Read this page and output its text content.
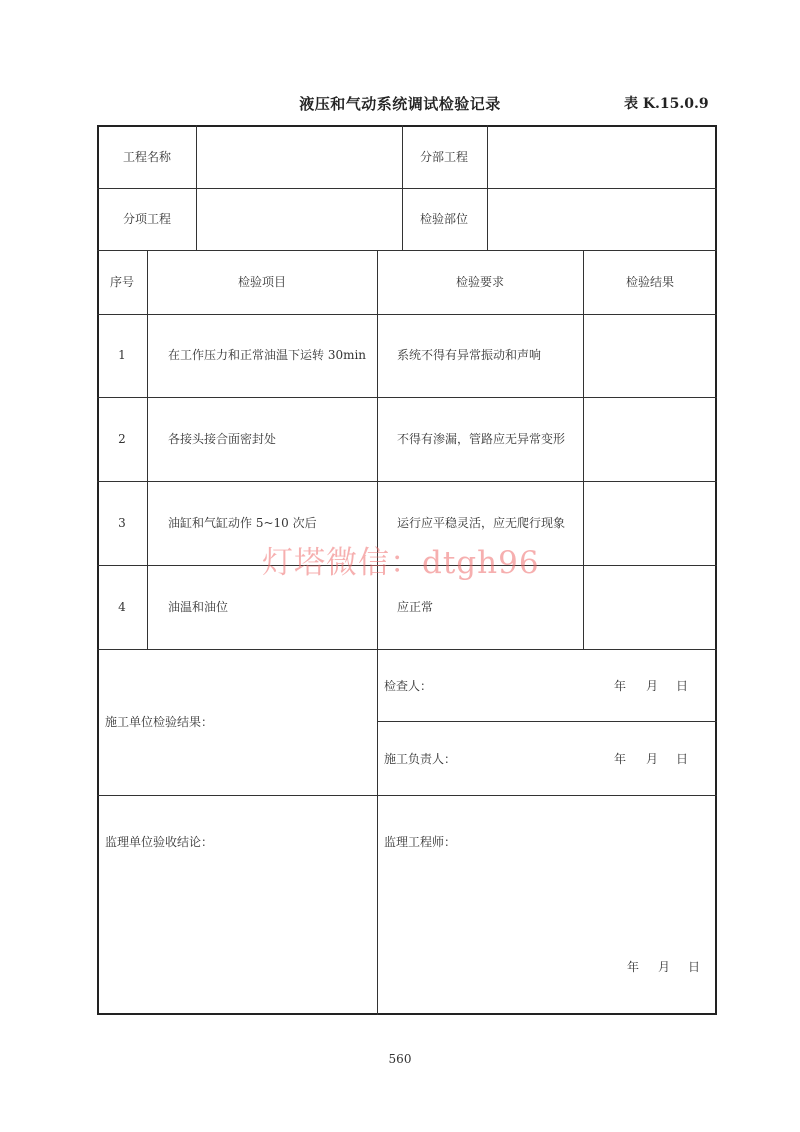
液压和气动系统调试检验记录	表 K.15.0.9
工程名称	分部工程
分项工程	检验部位
序号	检验项目	检验要求	检验结果
1	在工作压力和正常油温下运转 30min	系统不得有异常振动和声响
2	各接头接合面密封处	不得有渗漏，管路应无异常变形
3	油缸和气缸动作 5~10 次后	运行应平稳灵活，应无爬行现象
4	油温和油位	应正常
施工单位检验结果：
检查人：	年 月 日
施工负责人：	年 月 日
监理单位验收结论：	监理工程师：
年 月 日
灯塔微信：dtgh96
560
